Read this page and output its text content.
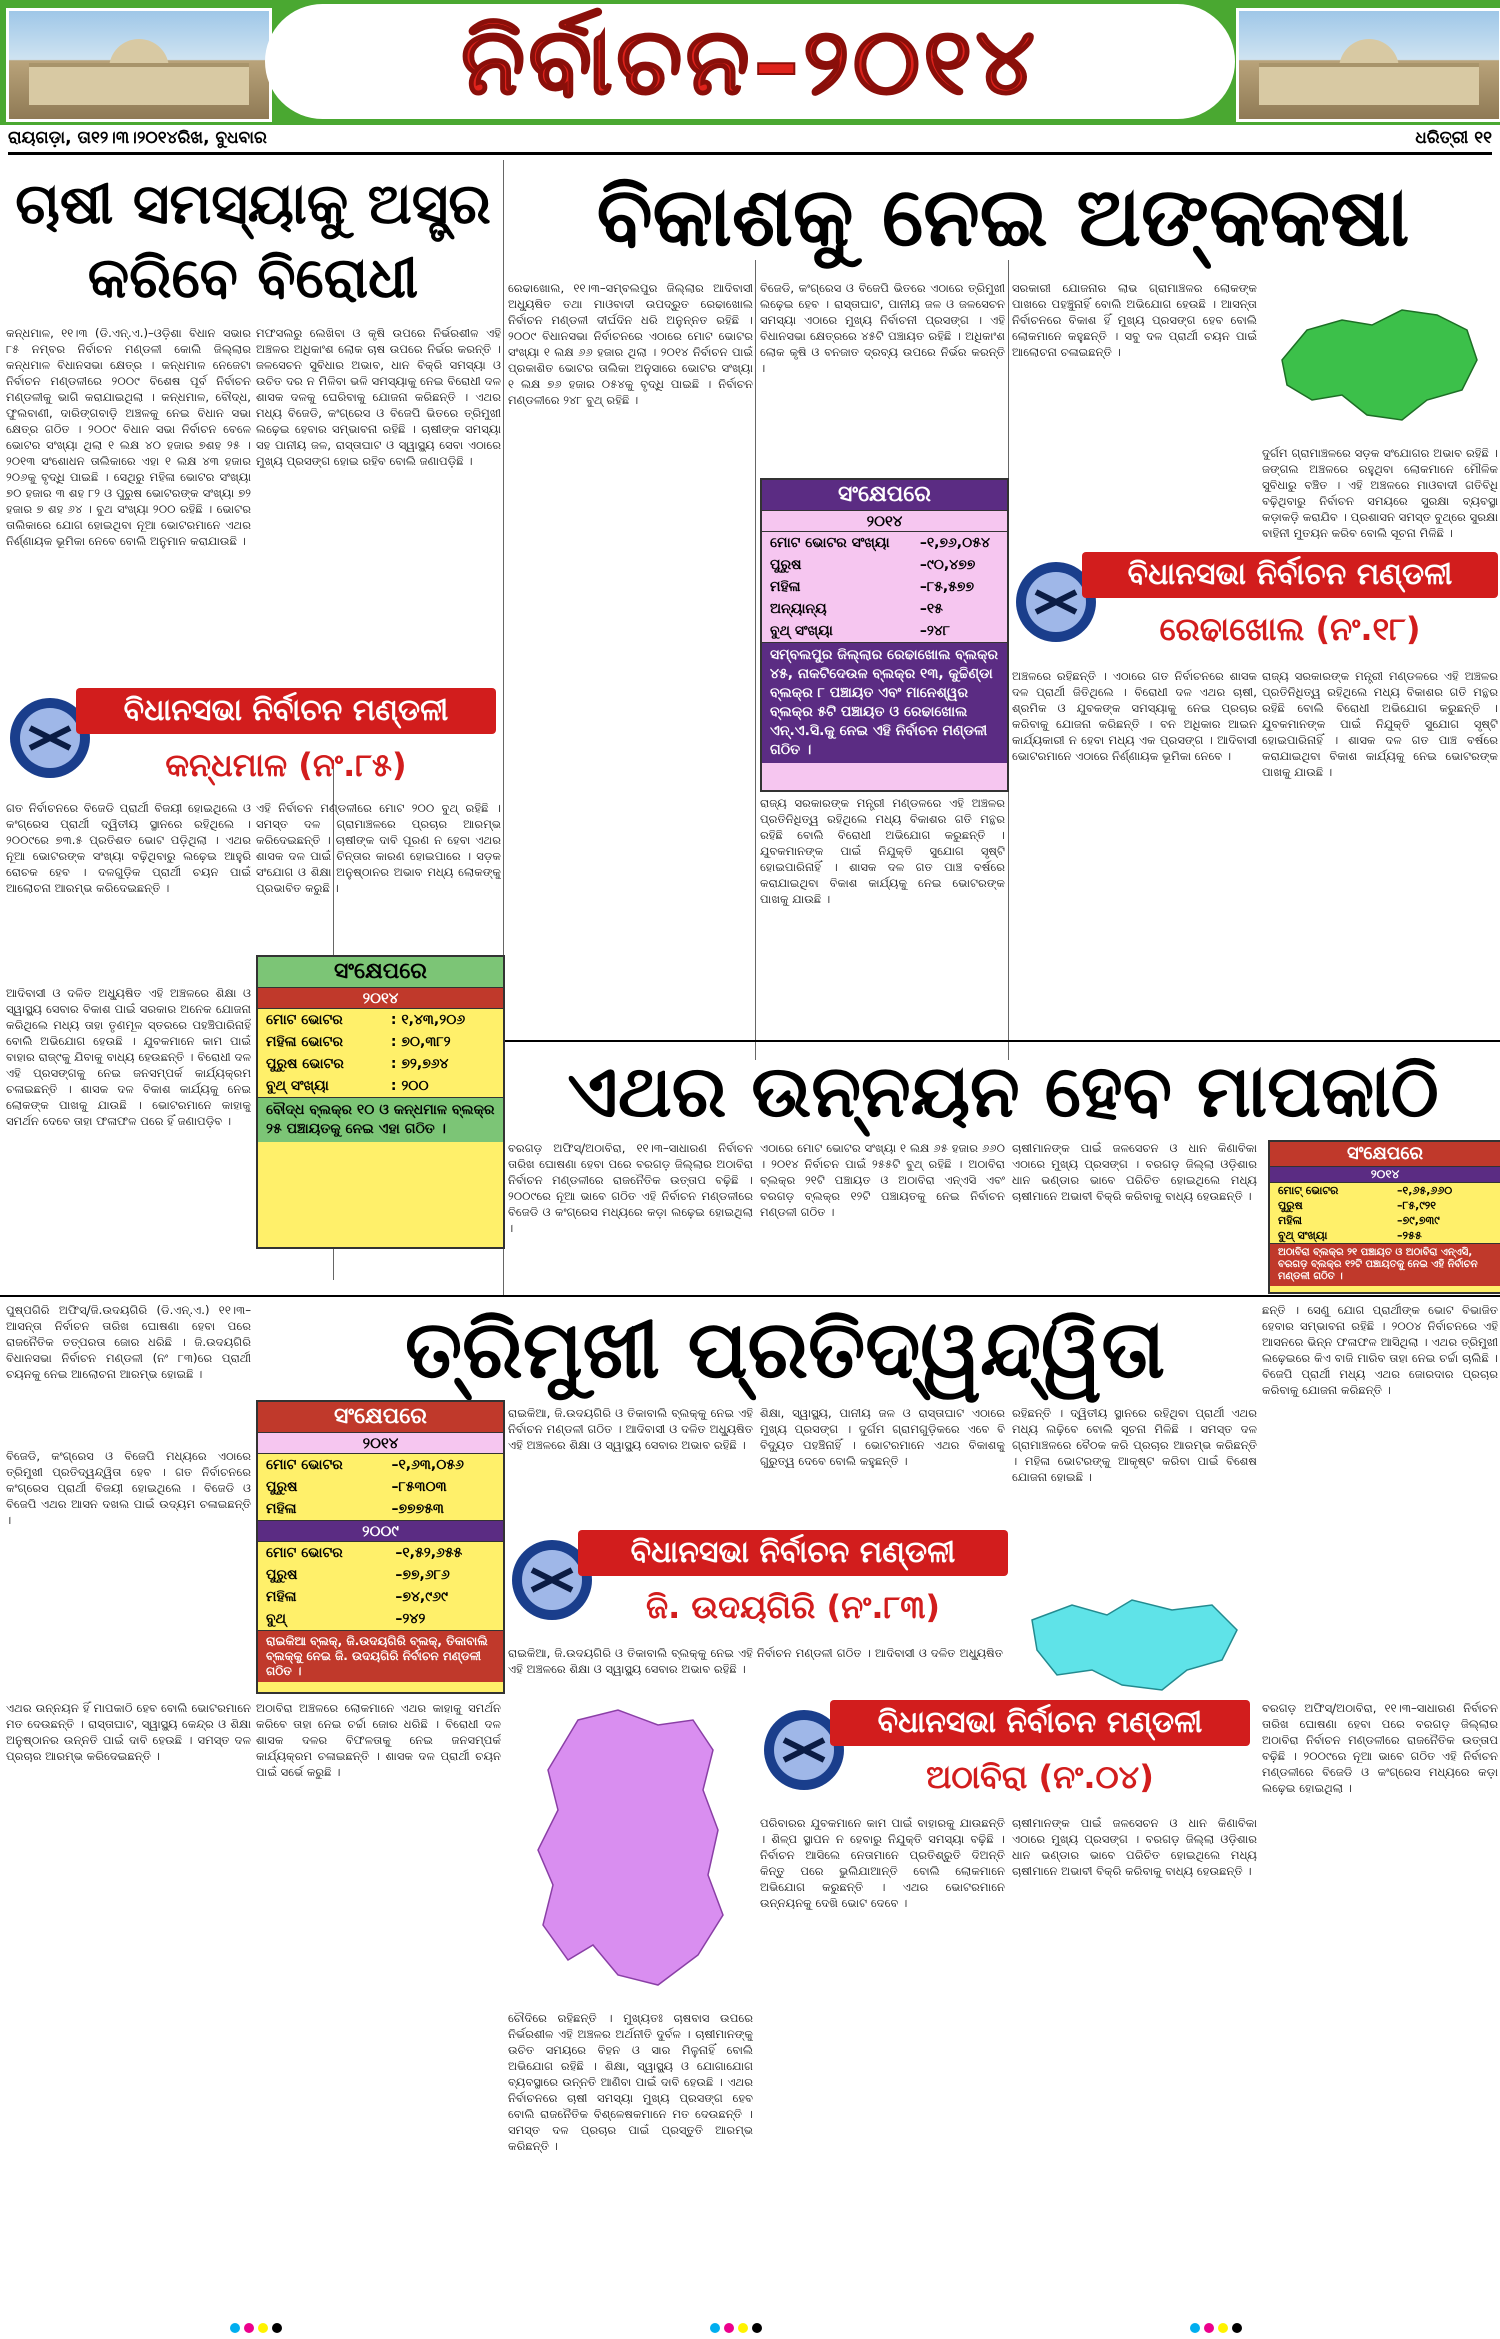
ନିର୍ବାଚନ–୨୦୧୪
ରାୟଗଡ଼ା, ତା୧୨।୩।୨୦୧୪ରିଖ, ବୁଧବାର	ଧରିତ୍ରୀ ୧୧
ଚାଷୀ ସମସ୍ୟାକୁ ଅସ୍ତ୍ର କରିବେ ବିରୋଧୀ
କନ୍ଧମାଳ, ୧୧।୩ (ଡି.ଏନ୍‌.ଏ.)–ଓଡ଼ିଶା ବିଧାନ ସଭାର ୮୫ ନମ୍ବର ନିର୍ବାଚନ ମଣ୍ଡଳୀ କୋଲି ଜିଲ୍ଲାର କନ୍ଧମାଳ ବିଧାନସଭା କ୍ଷେତ୍ର । କନ୍ଧମାଳ ନେଜେଟା ନିର୍ବାଚନ ମଣ୍ଡଳୀରେ ୨୦୦୯ ବିଶେଷ ପୂର୍ବ ନିର୍ବାଚନ ମଣ୍ଡଳୀକୁ ଭାଗି କରାଯାଇଥିଲା । କନ୍ଧମାଳ, ବୌଦ୍ଧ, ଫୁଲବାଣୀ, ଦାରିଙ୍ଗବାଡ଼ି ଅଞ୍ଚଳକୁ ନେଇ ବିଧାନ ସଭା କ୍ଷେତ୍ର ଗଠିତ । ୨୦୦୯ ବିଧାନ ସଭା ନିର୍ବାଚନ ବେଳେ ଭୋଟର ସଂଖ୍ୟା ଥିଲା ୧ ଲକ୍ଷ ୪୦ ହଜାର ୭ଶହ ୨୫ । ୨୦୧୩ ସଂଶୋଧନ ତାଲିକାରେ ଏହା ୧ ଲକ୍ଷ ୪୩ ହଜାର ୨୦୬କୁ ବୃଦ୍ଧି ପାଇଛି । ସେଥିରୁ ମହିଳା ଭୋଟର ସଂଖ୍ୟା ୭୦ ହଜାର ୩ ଶହ ୮୨ ଓ ପୁରୁଷ ଭୋଟରଙ୍କ ସଂଖ୍ୟା ୭୨ ହଜାର ୭ ଶହ ୬୪ । ବୁଥ ସଂଖ୍ୟା ୨୦୦ ରହିଛି । ଭୋଟର ତାଲିକାରେ ଯୋଗ ହୋଇଥିବା ନୂଆ ଭୋଟରମାନେ ଏଥର ନିର୍ଣ୍ଣାୟକ ଭୂମିକା ନେବେ ବୋଲି ଅନୁମାନ କରାଯାଉଛି ।
ମଫସଲରୁ ଲେଖିବା ଓ କୃଷି ଉପରେ ନିର୍ଭରଶୀଳ ଏହି ଅଞ୍ଚଳର ଅଧିକାଂଶ ଲୋକ ଚାଷ ଉପରେ ନିର୍ଭର କରନ୍ତି । ଜଳସେଚନ ସୁବିଧାର ଅଭାବ, ଧାନ ବିକ୍ରି ସମସ୍ୟା ଓ ଉଚିତ ଦର ନ ମିଳିବା ଭଳି ସମସ୍ୟାକୁ ନେଇ ବିରୋଧୀ ଦଳ ଶାସକ ଦଳକୁ ଘେରିବାକୁ ଯୋଜନା କରିଛନ୍ତି । ଏଥର ମଧ୍ୟ ବିଜେଡି, କଂଗ୍ରେସ ଓ ବିଜେପି ଭିତରେ ତ୍ରିମୁଖୀ ଲଢ଼େଇ ହେବାର ସମ୍ଭାବନା ରହିଛି । ଚାଷୀଙ୍କ ସମସ୍ୟା ସହ ପାନୀୟ ଜଳ, ରାସ୍ତାଘାଟ ଓ ସ୍ୱାସ୍ଥ୍ୟ ସେବା ଏଠାରେ ମୁଖ୍ୟ ପ୍ରସଙ୍ଗ ହୋଇ ରହିବ ବୋଲି ଜଣାପଡ଼ିଛି ।
ବିଧାନସଭା ନିର୍ବାଚନ ମଣ୍ଡଳୀ
କନ୍ଧମାଳ (ନଂ.୮୫)
ଗତ ନିର୍ବାଚନରେ ବିଜେଡି ପ୍ରାର୍ଥୀ ବିଜୟୀ ହୋଇଥିଲେ ଓ କଂଗ୍ରେସ ପ୍ରାର୍ଥୀ ଦ୍ୱିତୀୟ ସ୍ଥାନରେ ରହିଥିଲେ । ୨୦୦୯ରେ ୭୩.୫ ପ୍ରତିଶତ ଭୋଟ ପଡ଼ିଥିଲା । ଏଥର ନୂଆ ଭୋଟରଙ୍କ ସଂଖ୍ୟା ବଢ଼ିଥିବାରୁ ଲଢ଼େଇ ଆହୁରି ରୋଚକ ହେବ । ଦଳଗୁଡ଼ିକ ପ୍ରାର୍ଥୀ ଚୟନ ପାଇଁ ଆଲୋଚନା ଆରମ୍ଭ କରିଦେଇଛନ୍ତି ।
ଏହି ନିର୍ବାଚନ ମଣ୍ଡଳୀରେ ମୋଟ ୨୦୦ ବୁଥ୍‌ ରହିଛି । ସମସ୍ତ ଦଳ ଗ୍ରାମାଞ୍ଚଳରେ ପ୍ରଚାର ଆରମ୍ଭ କରିଦେଇଛନ୍ତି । ଚାଷୀଙ୍କ ଦାବି ପୂରଣ ନ ହେବା ଏଥର ଶାସକ ଦଳ ପାଇଁ ଚିନ୍ତାର କାରଣ ହୋଇପାରେ । ସଡ଼କ ସଂଯୋଗ ଓ ଶିକ୍ଷା ଅନୁଷ୍ଠାନର ଅଭାବ ମଧ୍ୟ ଲୋକଙ୍କୁ ପ୍ରଭାବିତ କରୁଛି ।
ଆଦିବାସୀ ଓ ଦଳିତ ଅଧ୍ୟୁଷିତ ଏହି ଅଞ୍ଚଳରେ ଶିକ୍ଷା ଓ ସ୍ୱାସ୍ଥ୍ୟ ସେବାର ବିକାଶ ପାଇଁ ସରକାର ଅନେକ ଯୋଜନା କରିଥିଲେ ମଧ୍ୟ ତାହା ତୃଣମୂଳ ସ୍ତରରେ ପହଞ୍ଚିପାରିନାହିଁ ବୋଲି ଅଭିଯୋଗ ହେଉଛି । ଯୁବକମାନେ କାମ ପାଇଁ ବାହାର ରାଜ୍୯କୁ ଯିବାକୁ ବାଧ୍ୟ ହେଉଛନ୍ତି । ବିରୋଧୀ ଦଳ ଏହି ପ୍ରସଙ୍ଗକୁ ନେଇ ଜନସମ୍ପର୍କ କାର୍ଯ୍ୟକ୍ରମ ଚଳାଇଛନ୍ତି । ଶାସକ ଦଳ ବିକାଶ କାର୍ଯ୍ୟକୁ ନେଇ ଲୋକଙ୍କ ପାଖକୁ ଯାଉଛି । ଭୋଟରମାନେ କାହାକୁ ସମର୍ଥନ ଦେବେ ତାହା ଫଳାଫଳ ପରେ ହିଁ ଜଣାପଡ଼ିବ ।
ସଂକ୍ଷେପରେ
୨୦୧୪
ମୋଟ ଭୋଟର	: ୧,୪୩,୨୦୬
ମହିଳା ଭୋଟର	: ୭୦,୩୮୨
ପୁରୁଷ ଭୋଟର	: ୭୨,୭୬୪
ବୁଥ୍‌ ସଂଖ୍ୟା	: ୨୦୦
ବୌଦ୍ଧ ବ୍ଲକ୍‌ର ୧୦ ଓ କନ୍ଧମାଳ ବ୍ଲକ୍‌ର ୨୫ ପଞ୍ଚାୟତକୁ ନେଇ ଏହା ଗଠିତ ।
ବିକାଶକୁ ନେଇ ଅଙ୍କକଷା
ରେଢାଖୋଲ, ୧୧।୩–ସମ୍ବଲପୁର ଜିଲ୍ଲାର ଆଦିବାସୀ ଅଧ୍ୟୁଷିତ ତଥା ମାଓବାଦୀ ଉପଦ୍ରୁତ ରେଢାଖୋଲ ନିର୍ବାଚନ ମଣ୍ଡଳୀ ଦୀର୍ଘଦିନ ଧରି ଅନୁନ୍ନତ ରହିଛି । ୨୦୦୯ ବିଧାନସଭା ନିର୍ବାଚନରେ ଏଠାରେ ମୋଟ ଭୋଟର ସଂଖ୍ୟା ୧ ଲକ୍ଷ ୬୬ ହଜାର ଥିଲା । ୨୦୧୪ ନିର୍ବାଚନ ପାଇଁ ପ୍ରକାଶିତ ଭୋଟର ତାଲିକା ଅନୁସାରେ ଭୋଟର ସଂଖ୍ୟା ୧ ଲକ୍ଷ ୭୬ ହଜାର ୦୫୪କୁ ବୃଦ୍ଧି ପାଇଛି । ନିର୍ବାଚନ ମଣ୍ଡଳୀରେ ୨୪୮ ବୁଥ୍‌ ରହିଛି ।
ବିଜେଡି, କଂଗ୍ରେସ ଓ ବିଜେପି ଭିତରେ ଏଠାରେ ତ୍ରିମୁଖୀ ଲଢ଼େଇ ହେବ । ରାସ୍ତାଘାଟ, ପାନୀୟ ଜଳ ଓ ଜଳସେଚନ ସମସ୍ୟା ଏଠାରେ ମୁଖ୍ୟ ନିର୍ବାଚନୀ ପ୍ରସଙ୍ଗ । ଏହି ବିଧାନସଭା କ୍ଷେତ୍ରରେ ୪୫ଟି ପଞ୍ଚାୟତ ରହିଛି । ଅଧିକାଂଶ ଲୋକ କୃଷି ଓ ବନଜାତ ଦ୍ରବ୍ୟ ଉପରେ ନିର୍ଭର କରନ୍ତି ।
ସଂକ୍ଷେପରେ
୨୦୧୪
ମୋଟ ଭୋଟର ସଂଖ୍ୟା	–୧,୭୬,୦୫୪
ପୁରୁଷ	–୯୦,୪୭୭
ମହିଳା	–୮୫,୫୭୭
ଅନ୍ୟାନ୍ୟ	–୧୫
ବୁଥ୍‌ ସଂଖ୍ୟା	–୨୪୮
ସମ୍ବଲପୁର ଜିଲ୍ଲାର ରେଢାଖୋଲ ବ୍ଲକ୍‌ର ୪୫, ନାକଟିଦେଉଳ ବ୍ଲକ୍‌ର ୧୩, କୁଚ୍ଚିଣ୍ଡା ବ୍ଲକ୍‌ର ୮ ପଞ୍ଚାୟତ ଏବଂ ମାନେଶ୍ୱର ବ୍ଲକ୍‌ର ୫ଟି ପଞ୍ଚାୟତ ଓ ରେଢାଖୋଲ ଏନ୍‌.ଏ.ସି.କୁ ନେଇ ଏହି ନିର୍ବାଚନ ମଣ୍ଡଳୀ ଗଠିତ ।
ରାଜ୍ୟ ସରକାରଙ୍କ ମନ୍ତ୍ରୀ ମଣ୍ଡଳରେ ଏହି ଅଞ୍ଚଳର ପ୍ରତିନିଧିତ୍ୱ ରହିଥିଲେ ମଧ୍ୟ ବିକାଶର ଗତି ମନ୍ଥର ରହିଛି ବୋଲି ବିରୋଧୀ ଅଭିଯୋଗ କରୁଛନ୍ତି । ଯୁବକମାନଙ୍କ ପାଇଁ ନିଯୁକ୍ତି ସୁଯୋଗ ସୃଷ୍ଟି ହୋଇପାରିନାହିଁ । ଶାସକ ଦଳ ଗତ ପାଞ୍ଚ ବର୍ଷରେ କରାଯାଇଥିବା ବିକାଶ କାର୍ଯ୍ୟକୁ ନେଇ ଭୋଟରଙ୍କ ପାଖକୁ ଯାଉଛି ।
ସରକାରୀ ଯୋଜନାର ଲାଭ ଗ୍ରାମାଞ୍ଚଳର ଲୋକଙ୍କ ପାଖରେ ପହଞ୍ଚୁନାହିଁ ବୋଲି ଅଭିଯୋଗ ହେଉଛି । ଆସନ୍ତା ନିର୍ବାଚନରେ ବିକାଶ ହିଁ ମୁଖ୍ୟ ପ୍ରସଙ୍ଗ ହେବ ବୋଲି ଲୋକମାନେ କହୁଛନ୍ତି । ସବୁ ଦଳ ପ୍ରାର୍ଥୀ ଚୟନ ପାଇଁ ଆଲୋଚନା ଚଳାଇଛନ୍ତି ।
ଦୁର୍ଗମ ଗ୍ରାମାଞ୍ଚଳରେ ସଡ଼କ ସଂଯୋଗର ଅଭାବ ରହିଛି । ଜଙ୍ଗଲ ଅଞ୍ଚଳରେ ରହୁଥିବା ଲୋକମାନେ ମୌଳିକ ସୁବିଧାରୁ ବଞ୍ଚିତ । ଏହି ଅଞ୍ଚଳରେ ମାଓବାଦୀ ଗତିବିଧି ବଢ଼ିଥିବାରୁ ନିର୍ବାଚନ ସମୟରେ ସୁରକ୍ଷା ବ୍ୟବସ୍ଥା କଡ଼ାକଡ଼ି କରାଯିବ । ପ୍ରଶାସନ ସମସ୍ତ ବୁଥ୍‌ରେ ସୁରକ୍ଷା ବାହିନୀ ମୁତୟନ କରିବ ବୋଲି ସୂଚନା ମିଳିଛି ।
ବିଧାନସଭା ନିର୍ବାଚନ ମଣ୍ଡଳୀ
ରେଢାଖୋଲ (ନଂ.୧୮)
ଅଞ୍ଚଳରେ ରହିଛନ୍ତି । ଏଠାରେ ଗତ ନିର୍ବାଚନରେ ଶାସକ ଦଳ ପ୍ରାର୍ଥୀ ଜିତିଥିଲେ । ବିରୋଧୀ ଦଳ ଏଥର ଚାଷୀ, ଶ୍ରମିକ ଓ ଯୁବକଙ୍କ ସମସ୍ୟାକୁ ନେଇ ପ୍ରଚାର କରିବାକୁ ଯୋଜନା କରିଛନ୍ତି । ବନ ଅଧିକାର ଆଇନ କାର୍ଯ୍ୟକାରୀ ନ ହେବା ମଧ୍ୟ ଏକ ପ୍ରସଙ୍ଗ । ଆଦିବାସୀ ଭୋଟରମାନେ ଏଠାରେ ନିର୍ଣ୍ଣାୟକ ଭୂମିକା ନେବେ ।
ରାଜ୍ୟ ସରକାରଙ୍କ ମନ୍ତ୍ରୀ ମଣ୍ଡଳରେ ଏହି ଅଞ୍ଚଳର ପ୍ରତିନିଧିତ୍ୱ ରହିଥିଲେ ମଧ୍ୟ ବିକାଶର ଗତି ମନ୍ଥର ରହିଛି ବୋଲି ବିରୋଧୀ ଅଭିଯୋଗ କରୁଛନ୍ତି । ଯୁବକମାନଙ୍କ ପାଇଁ ନିଯୁକ୍ତି ସୁଯୋଗ ସୃଷ୍ଟି ହୋଇପାରିନାହିଁ । ଶାସକ ଦଳ ଗତ ପାଞ୍ଚ ବର୍ଷରେ କରାଯାଇଥିବା ବିକାଶ କାର୍ଯ୍ୟକୁ ନେଇ ଭୋଟରଙ୍କ ପାଖକୁ ଯାଉଛି ।
ଏଥର ଉନ୍ନୟନ ହେବ ମାପକାଠି
ବରଗଡ଼ ଅଫିସ୍‌/ଅଠାବିରା, ୧୧।୩–ସାଧାରଣ ନିର୍ବାଚନ ତାରିଖ ଘୋଷଣା ହେବା ପରେ ବରଗଡ଼ ଜିଲ୍ଲାର ଅଠାବିରା ନିର୍ବାଚନ ମଣ୍ଡଳୀରେ ରାଜନୈତିକ ଉତ୍ତାପ ବଢ଼ିଛି । ୨୦୦୯ରେ ନୂଆ ଭାବେ ଗଠିତ ଏହି ନିର୍ବାଚନ ମଣ୍ଡଳୀରେ ବିଜେଡି ଓ କଂଗ୍ରେସ ମଧ୍ୟରେ କଡ଼ା ଲଢ଼େଇ ହୋଇଥିଲା ।
ଏଠାରେ ମୋଟ ଭୋଟର ସଂଖ୍ୟା ୧ ଲକ୍ଷ ୬୫ ହଜାର ୬୬୦ । ୨୦୧୪ ନିର୍ବାଚନ ପାଇଁ ୨୫୫ଟି ବୁଥ୍‌ ରହିଛି । ଅଠାବିରା ବ୍ଲକ୍‌ର ୨୧ଟି ପଞ୍ଚାୟତ ଓ ଅଠାବିରା ଏନ୍‌ଏସି ଏବଂ ବରଗଡ଼ ବ୍ଲକ୍‌ର ୧୨ଟି ପଞ୍ଚାୟତକୁ ନେଇ ନିର୍ବାଚନ ମଣ୍ଡଳୀ ଗଠିତ ।
ଚାଷୀମାନଙ୍କ ପାଇଁ ଜଳସେଚନ ଓ ଧାନ କିଣାବିକା ଏଠାରେ ମୁଖ୍ୟ ପ୍ରସଙ୍ଗ । ବରଗଡ଼ ଜିଲ୍ଲା ଓଡ଼ିଶାର ଧାନ ଭଣ୍ଡାର ଭାବେ ପରିଚିତ ହୋଇଥିଲେ ମଧ୍ୟ ଚାଷୀମାନେ ଅଭାବୀ ବିକ୍ରି କରିବାକୁ ବାଧ୍ୟ ହେଉଛନ୍ତି ।
ସଂକ୍ଷେପରେ
୨୦୧୪
ମୋଟ୍‌ ଭୋଟର	–୧,୬୫,୬୬୦
ପୁରୁଷ	–୮୫,୯୨୧
ମହିଳା	–୭୯,୭୩୯
ବୁଥ୍‌ ସଂଖ୍ୟା	–୨୫୫
ଅଠାବିରା ବ୍ଲକ୍‌ର ୨୧ ପଞ୍ଚାୟତ ଓ ଅଠାବିରା ଏନ୍‌ଏସି, ବରଗଡ଼ ବ୍ଲକ୍‌ର ୧୨ଟି ପଞ୍ଚାୟତକୁ ନେଇ ଏହି ନିର୍ବାଚନ ମଣ୍ଡଳୀ ଗଠିତ ।
ତ୍ରିମୁଖୀ ପ୍ରତିଦ୍ୱନ୍ଦ୍ୱିତା
ପୁଷ୍ପଗିରି ଅଫିସ୍‌/ଜି.ଉଦୟଗିରି (ଡି.ଏନ୍‌.ଏ.) ୧୧।୩–ଆସନ୍ତା ନିର୍ବାଚନ ତାରିଖ ଘୋଷଣା ହେବା ପରେ ରାଜନୈତିକ ତତ୍ପରତା ଜୋର ଧରିଛି । ଜି.ଉଦୟଗିରି ବିଧାନସଭା ନିର୍ବାଚନ ମଣ୍ଡଳୀ (ନଂ ୮୩)ରେ ପ୍ରାର୍ଥୀ ଚୟନକୁ ନେଇ ଆଲୋଚନା ଆରମ୍ଭ ହୋଇଛି ।
ସଂକ୍ଷେପରେ
୨୦୧୪
ମୋଟ ଭୋଟର	–୧,୬୩,୦୫୬
ପୁରୁଷ	–୮୫୩୦୩
ମହିଳା	–୭୭୭୫୩
୨୦୦୯
ମୋଟ ଭୋଟର	–୧,୫୨,୬୫୫
ପୁରୁଷ	–୭୭,୬୮୬
ମହିଳା	–୭୪,୯୬୯
ବୁଥ୍‌	–୨୪୨
ରାଇକିଆ ବ୍ଲକ୍‌, ଜି.ଉଦୟଗିରି ବ୍ଲକ୍‌, ତିକାବାଲି ବ୍ଲକ୍‌କୁ ନେଇ ଜି. ଉଦୟଗିରି ନିର୍ବାଚନ ମଣ୍ଡଳୀ ଗଠିତ ।
ବିଜେଡି, କଂଗ୍ରେସ ଓ ବିଜେପି ମଧ୍ୟରେ ଏଠାରେ ତ୍ରିମୁଖୀ ପ୍ରତିଦ୍ୱନ୍ଦ୍ୱିତା ହେବ । ଗତ ନିର୍ବାଚନରେ କଂଗ୍ରେସ ପ୍ରାର୍ଥୀ ବିଜୟୀ ହୋଇଥିଲେ । ବିଜେଡି ଓ ବିଜେପି ଏଥର ଆସନ ଦଖଲ ପାଇଁ ଉଦ୍ୟମ ଚଳାଇଛନ୍ତି ।
ରାଇକିଆ, ଜି.ଉଦୟଗିରି ଓ ତିକାବାଲି ବ୍ଲକ୍‌କୁ ନେଇ ଏହି ନିର୍ବାଚନ ମଣ୍ଡଳୀ ଗଠିତ । ଆଦିବାସୀ ଓ ଦଳିତ ଅଧ୍ୟୁଷିତ ଏହି ଅଞ୍ଚଳରେ ଶିକ୍ଷା ଓ ସ୍ୱାସ୍ଥ୍ୟ ସେବାର ଅଭାବ ରହିଛି ।
ଶିକ୍ଷା, ସ୍ୱାସ୍ଥ୍ୟ, ପାନୀୟ ଜଳ ଓ ରାସ୍ତାଘାଟ ଏଠାରେ ମୁଖ୍ୟ ପ୍ରସଙ୍ଗ । ଦୁର୍ଗମ ଗ୍ରାମଗୁଡ଼ିକରେ ଏବେ ବି ବିଦ୍ୟୁତ ପହଞ୍ଚିନାହିଁ । ଭୋଟରମାନେ ଏଥର ବିକାଶକୁ ଗୁରୁତ୍ୱ ଦେବେ ବୋଲି କହୁଛନ୍ତି ।
ରହିଛନ୍ତି । ଦ୍ୱିତୀୟ ସ୍ଥାନରେ ରହିଥିବା ପ୍ରାର୍ଥୀ ଏଥର ମଧ୍ୟ ଲଢ଼ିବେ ବୋଲି ସୂଚନା ମିଳିଛି । ସମସ୍ତ ଦଳ ଗ୍ରାମାଞ୍ଚଳରେ ବୈଠକ କରି ପ୍ରଚାର ଆରମ୍ଭ କରିଛନ୍ତି । ମହିଳା ଭୋଟରଙ୍କୁ ଆକୃଷ୍ଟ କରିବା ପାଇଁ ବିଶେଷ ଯୋଜନା ହୋଇଛି ।
ଛନ୍ତି । ସେଣୁ ଯୋଗ ପ୍ରାର୍ଥୀଙ୍କ ଭୋଟ ବିଭାଜିତ ହେବାର ସମ୍ଭାବନା ରହିଛି । ୨୦୦୪ ନିର୍ବାଚନରେ ଏହି ଆସନରେ ଭିନ୍ନ ଫଳାଫଳ ଆସିଥିଲା । ଏଥର ତ୍ରିମୁଖୀ ଲଢ଼େଇରେ କିଏ ବାଜି ମାରିବ ତାହା ନେଇ ଚର୍ଚ୍ଚା ଚାଲିଛି । ବିଜେପି ପ୍ରାର୍ଥୀ ମଧ୍ୟ ଏଥର ଜୋରଦାର ପ୍ରଚାର କରିବାକୁ ଯୋଜନା କରିଛନ୍ତି ।
ବିଧାନସଭା ନିର୍ବାଚନ ମଣ୍ଡଳୀ
ଜି. ଉଦୟଗିରି (ନଂ.୮୩)
ରାଇକିଆ, ଜି.ଉଦୟଗିରି ଓ ତିକାବାଲି ବ୍ଲକ୍‌କୁ ନେଇ ଏହି ନିର୍ବାଚନ ମଣ୍ଡଳୀ ଗଠିତ । ଆଦିବାସୀ ଓ ଦଳିତ ଅଧ୍ୟୁଷିତ ଏହି ଅଞ୍ଚଳରେ ଶିକ୍ଷା ଓ ସ୍ୱାସ୍ଥ୍ୟ ସେବାର ଅଭାବ ରହିଛି ।
ବିଧାନସଭା ନିର୍ବାଚନ ମଣ୍ଡଳୀ
ଅଠାବିରା (ନଂ.୦୪)
ଏଥର ଉନ୍ନୟନ ହିଁ ମାପକାଠି ହେବ ବୋଲି ଭୋଟରମାନେ ମତ ଦେଉଛନ୍ତି । ରାସ୍ତାଘାଟ, ସ୍ୱାସ୍ଥ୍ୟ କେନ୍ଦ୍ର ଓ ଶିକ୍ଷା ଅନୁଷ୍ଠାନର ଉନ୍ନତି ପାଇଁ ଦାବି ହେଉଛି । ସମସ୍ତ ଦଳ ପ୍ରଚାର ଆରମ୍ଭ କରିଦେଇଛନ୍ତି ।
ଅଠାବିରା ଅଞ୍ଚଳରେ ଲୋକମାନେ ଏଥର କାହାକୁ ସମର୍ଥନ କରିବେ ତାହା ନେଇ ଚର୍ଚ୍ଚା ଜୋର ଧରିଛି । ବିରୋଧୀ ଦଳ ଶାସକ ଦଳର ବିଫଳତାକୁ ନେଇ ଜନସମ୍ପର୍କ କାର୍ଯ୍ୟକ୍ରମ ଚଳାଇଛନ୍ତି । ଶାସକ ଦଳ ପ୍ରାର୍ଥୀ ଚୟନ ପାଇଁ ସର୍ଭେ କରୁଛି ।
ପରିବାରର ଯୁବକମାନେ କାମ ପାଇଁ ବାହାରକୁ ଯାଉଛନ୍ତି । ଶିଳ୍ପ ସ୍ଥାପନ ନ ହେବାରୁ ନିଯୁକ୍ତି ସମସ୍ୟା ବଢ଼ିଛି । ନିର୍ବାଚନ ଆସିଲେ ନେତାମାନେ ପ୍ରତିଶ୍ରୁତି ଦିଅନ୍ତି କିନ୍ତୁ ପରେ ଭୁଲିଯାଆନ୍ତି ବୋଲି ଲୋକମାନେ ଅଭିଯୋଗ କରୁଛନ୍ତି । ଏଥର ଭୋଟରମାନେ ଉନ୍ନୟନକୁ ଦେଖି ଭୋଟ ଦେବେ ।
ଚୌଦିରେ ରହିଛନ୍ତି । ମୁଖ୍ୟତଃ ଚାଷବାସ ଉପରେ ନିର୍ଭରଶୀଳ ଏହି ଅଞ୍ଚଳର ଅର୍ଥନୀତି ଦୁର୍ବଳ । ଚାଷୀମାନଙ୍କୁ ଉଚିତ ସମୟରେ ବିହନ ଓ ସାର ମିଳୁନାହିଁ ବୋଲି ଅଭିଯୋଗ ରହିଛି । ଶିକ୍ଷା, ସ୍ୱାସ୍ଥ୍ୟ ଓ ଯୋଗାଯୋଗ ବ୍ୟବସ୍ଥାରେ ଉନ୍ନତି ଆଣିବା ପାଇଁ ଦାବି ହେଉଛି । ଏଥର ନିର୍ବାଚନରେ ଚାଷୀ ସମସ୍ୟା ମୁଖ୍ୟ ପ୍ରସଙ୍ଗ ହେବ ବୋଲି ରାଜନୈତିକ ବିଶ୍ଳେଷକମାନେ ମତ ଦେଉଛନ୍ତି । ସମସ୍ତ ଦଳ ପ୍ରଚାର ପାଇଁ ପ୍ରସ୍ତୁତି ଆରମ୍ଭ କରିଛନ୍ତି ।
ଚାଷୀମାନଙ୍କ ପାଇଁ ଜଳସେଚନ ଓ ଧାନ କିଣାବିକା ଏଠାରେ ମୁଖ୍ୟ ପ୍ରସଙ୍ଗ । ବରଗଡ଼ ଜିଲ୍ଲା ଓଡ଼ିଶାର ଧାନ ଭଣ୍ଡାର ଭାବେ ପରିଚିତ ହୋଇଥିଲେ ମଧ୍ୟ ଚାଷୀମାନେ ଅଭାବୀ ବିକ୍ରି କରିବାକୁ ବାଧ୍ୟ ହେଉଛନ୍ତି ।
ବରଗଡ଼ ଅଫିସ୍‌/ଅଠାବିରା, ୧୧।୩–ସାଧାରଣ ନିର୍ବାଚନ ତାରିଖ ଘୋଷଣା ହେବା ପରେ ବରଗଡ଼ ଜିଲ୍ଲାର ଅଠାବିରା ନିର୍ବାଚନ ମଣ୍ଡଳୀରେ ରାଜନୈତିକ ଉତ୍ତାପ ବଢ଼ିଛି । ୨୦୦୯ରେ ନୂଆ ଭାବେ ଗଠିତ ଏହି ନିର୍ବାଚନ ମଣ୍ଡଳୀରେ ବିଜେଡି ଓ କଂଗ୍ରେସ ମଧ୍ୟରେ କଡ଼ା ଲଢ଼େଇ ହୋଇଥିଲା ।
